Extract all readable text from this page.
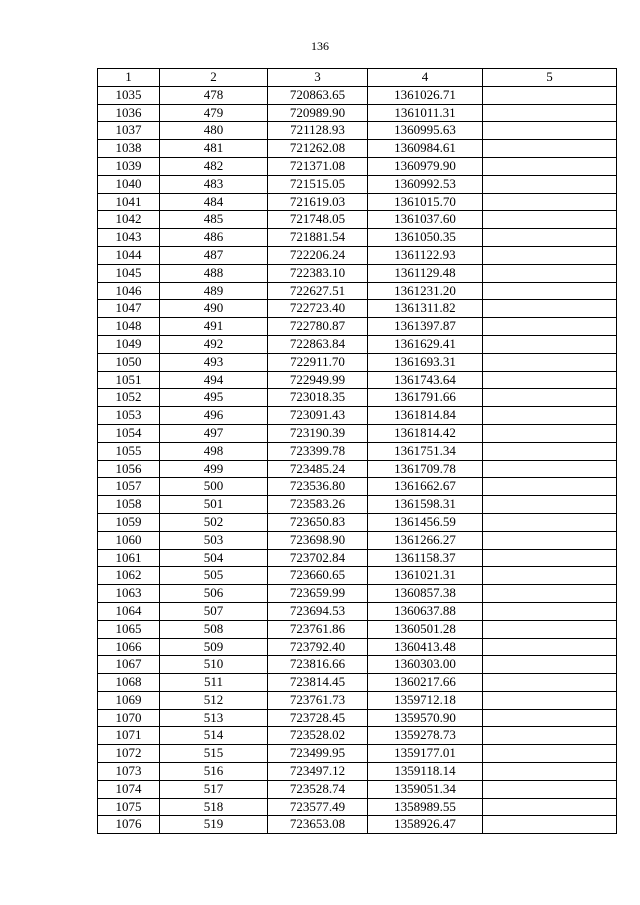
136
1	2	3	4	5
1035	478	720863.65	1361026.71	
1036	479	720989.90	1361011.31	
1037	480	721128.93	1360995.63	
1038	481	721262.08	1360984.61	
1039	482	721371.08	1360979.90	
1040	483	721515.05	1360992.53	
1041	484	721619.03	1361015.70	
1042	485	721748.05	1361037.60	
1043	486	721881.54	1361050.35	
1044	487	722206.24	1361122.93	
1045	488	722383.10	1361129.48	
1046	489	722627.51	1361231.20	
1047	490	722723.40	1361311.82	
1048	491	722780.87	1361397.87	
1049	492	722863.84	1361629.41	
1050	493	722911.70	1361693.31	
1051	494	722949.99	1361743.64	
1052	495	723018.35	1361791.66	
1053	496	723091.43	1361814.84	
1054	497	723190.39	1361814.42	
1055	498	723399.78	1361751.34	
1056	499	723485.24	1361709.78	
1057	500	723536.80	1361662.67	
1058	501	723583.26	1361598.31	
1059	502	723650.83	1361456.59	
1060	503	723698.90	1361266.27	
1061	504	723702.84	1361158.37	
1062	505	723660.65	1361021.31	
1063	506	723659.99	1360857.38	
1064	507	723694.53	1360637.88	
1065	508	723761.86	1360501.28	
1066	509	723792.40	1360413.48	
1067	510	723816.66	1360303.00	
1068	511	723814.45	1360217.66	
1069	512	723761.73	1359712.18	
1070	513	723728.45	1359570.90	
1071	514	723528.02	1359278.73	
1072	515	723499.95	1359177.01	
1073	516	723497.12	1359118.14	
1074	517	723528.74	1359051.34	
1075	518	723577.49	1358989.55	
1076	519	723653.08	1358926.47	
